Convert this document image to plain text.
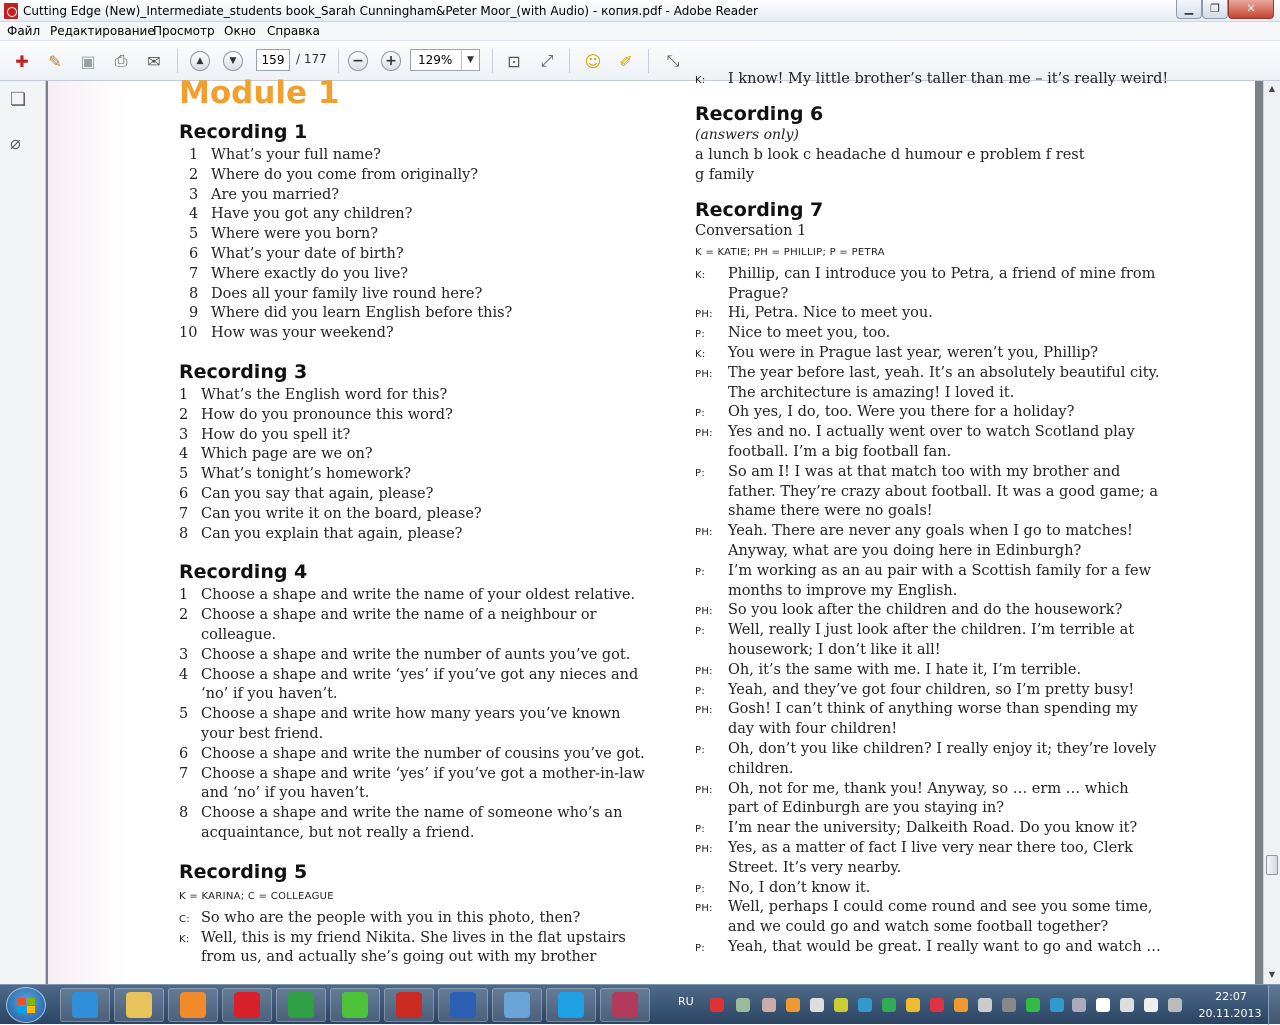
Cutting Edge (New)_Intermediate_students book_Sarah Cunningham&Peter Moor_(with Audio) - копия.pdf - Adobe Reader	▁	❐	✕
Файл Редактирование
Просмотр Окно Справка
✚	✎	▣	⎙	✉	▲	▼	− +	⊡	⤢	☺	✐	⤡
159 / 177	129%	▼
❏
⌀
Module 1
Recording 1
1 What’s your full name?
2 Where do you come from originally?
3 Are you married?
4 Have you got any children?
5 Where were you born?
6 What’s your date of birth?
7 Where exactly do you live?
8 Does all your family live round here?
9 Where did you learn English before this?
10 How was your weekend?
Recording 3
1 What’s the English word for this?
2 How do you pronounce this word?
3 How do you spell it?
4 Which page are we on?
5 What’s tonight’s homework?
6 Can you say that again, please?
7 Can you write it on the board, please?
8 Can you explain that again, please?
Recording 4
1 Choose a shape and write the name of your oldest relative.
2 Choose a shape and write the name of a neighbour or
colleague.
3 Choose a shape and write the number of aunts you’ve got.
4 Choose a shape and write ‘yes’ if you’ve got any nieces and
‘no’ if you haven’t.
5 Choose a shape and write how many years you’ve known
your best friend.
6 Choose a shape and write the number of cousins you’ve got.
7 Choose a shape and write ‘yes’ if you’ve got a mother-in-law
and ‘no’ if you haven’t.
8 Choose a shape and write the name of someone who’s an
acquaintance, but not really a friend.
Recording 5
K = KARINA; C = COLLEAGUE
C: So who are the people with you in this photo, then?
K: Well, this is my friend Nikita. She lives in the flat upstairs
from us, and actually she’s going out with my brother
K: I know! My little brother’s taller than me – it’s really weird!
Recording 6
(answers only)
a lunch b look c headache d humour e problem f rest
g family
Recording 7
Conversation 1
K = KATIE; PH = PHILLIP; P = PETRA
K: Phillip, can I introduce you to Petra, a friend of mine from
Prague?
PH: Hi, Petra. Nice to meet you.
P: Nice to meet you, too.
K: You were in Prague last year, weren’t you, Phillip?
PH: The year before last, yeah. It’s an absolutely beautiful city.
The architecture is amazing! I loved it.
P: Oh yes, I do, too. Were you there for a holiday?
PH: Yes and no. I actually went over to watch Scotland play
football. I’m a big football fan.
P: So am I! I was at that match too with my brother and
father. They’re crazy about football. It was a good game; a
shame there were no goals!
PH: Yeah. There are never any goals when I go to matches!
Anyway, what are you doing here in Edinburgh?
P: I’m working as an au pair with a Scottish family for a few
months to improve my English.
PH: So you look after the children and do the housework?
P: Well, really I just look after the children. I’m terrible at
housework; I don’t like it all!
PH: Oh, it’s the same with me. I hate it, I’m terrible.
P: Yeah, and they’ve got four children, so I’m pretty busy!
PH: Gosh! I can’t think of anything worse than spending my
day with four children!
P: Oh, don’t you like children? I really enjoy it; they’re lovely
children.
PH: Oh, not for me, thank you! Anyway, so … erm … which
part of Edinburgh are you staying in?
P: I’m near the university; Dalkeith Road. Do you know it?
PH: Yes, as a matter of fact I live very near there too, Clerk
Street. It’s very nearby.
P: No, I don’t know it.
PH: Well, perhaps I could come round and see you some time,
and we could go and watch some football together?
P: Yeah, that would be great. I really want to go and watch …
▲
▼
RU	22:07
20.11.2013
